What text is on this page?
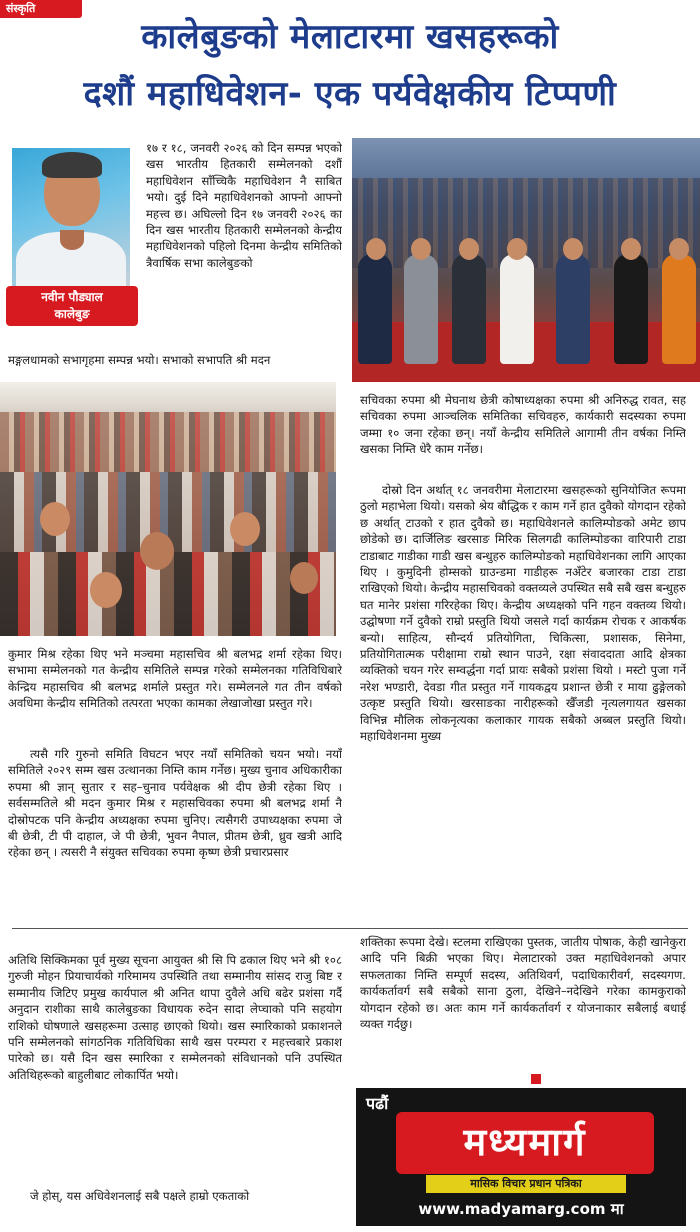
संस्कृति
कालेबुङको मेलाटारमा खसहरूको
दशौं महाधिवेशन- एक पर्यवेक्षकीय टिप्पणी
नवीन पौड्याल
कालेबुङ

१७ र १८, जनवरी २०२६ को दिन सम्पन्न भएको खस भारतीय हितकारी सम्मेलनको दशौं महाधिवेशन साँच्चिकै महाधिवेशन नै साबित भयो। दुई दिने महाधिवेशनको आफ्नो आफ्नो महत्त्व छ। अघिल्लो दिन १७ जनवरी २०२६ का दिन खस भारतीय हितकारी सम्मेलनको केन्द्रीय महाधिवेशनको पहिलो दिनमा केन्द्रीय समितिको त्रैवार्षिक सभा कालेबुङको

मङ्गलधामको सभागृहमा सम्पन्न भयो। सभाको सभापति श्री मदन

कुमार मिश्र रहेका थिए भने मञ्चमा महासचिव श्री बलभद्र शर्मा रहेका थिए। सभामा सम्मेलनको गत केन्द्रीय समितिले सम्पन्न गरेको सम्मेलनका गतिविधिबारे केन्द्रिय महासचिव श्री बलभद्र शर्माले प्रस्तुत गरे। सम्मेलनले गत तीन वर्षको अवधिमा केन्द्रीय समितिको तत्परता भएका कामका लेखाजोखा प्रस्तुत गरे।

त्यसै गरि गुरुनो समिति विघटन भएर नयाँ समितिको चयन भयो। नयाँ समितिले २०२९ सम्म खस उत्थानका निम्ति काम गर्नेछ। मुख्य चुनाव अधिकारीका रुपमा श्री ज्ञान् सुतार र सह–चुनाव पर्यवेक्षक श्री दीप छेत्री रहेका थिए । सर्वसम्मतिले श्री मदन कुमार मिश्र र महासचिवका रुपमा श्री बलभद्र शर्मा नै दोस्रोपटक पनि केन्द्रीय अध्यक्षका रुपमा चुनिए। त्यसैगरी उपाध्यक्षका रुपमा जे बी छेत्री, टी पी दाहाल, जे पी छेत्री, भुवन नैपाल, प्रीतम छेत्री, ध्रुव खत्री आदि रहेका छन् । त्यसरी नै संयुक्त सचिवका रुपमा कृष्ण छेत्री प्रचारप्रसार

सचिवका रुपमा श्री मेघनाथ छेत्री कोषाध्यक्षका रुपमा श्री अनिरुद्ध रावत, सह सचिवका रुपमा आञ्चलिक समितिका सचिवहरु, कार्यकारी सदस्यका रुपमा जम्मा १० जना रहेका छन्। नयाँ केन्द्रीय समितिले आगामी तीन वर्षका निम्ति खसका निम्ति धेरै काम गर्नेछ।

दोस्रो दिन अर्थात् १८ जनवरीमा मेलाटारमा खसहरूको सुनियोजित रूपमा ठुलो महाभेला थियो। यसको श्रेय बौद्धिक र काम गर्ने हात दुवैको योगदान रहेको छ अर्थात् टाउको र हात दुवैको छ। महाधिवेशनले कालिम्पोङको अमेट छाप छोडेको छ। दार्जिलिङ खरसाङ मिरिक सिलगढी कालिम्पोङका वारिपारी टाडा टाडाबाट गाडीका गाडी खस बन्धुहरु कालिम्पोङको महाधिवेशनका लागि आएका थिए । कुमुदिनी होम्सको ग्राउन्डमा गाडीहरू नअँटेर बजारका टाडा टाडा राखिएको थियो। केन्द्रीय महासचिवको वक्तव्यले उपस्थित सबै सबै खस बन्धुहरु घत मानेर प्रशंसा गरिरहेका थिए। केन्द्रीय अध्यक्षको पनि गहन वक्तव्य थियो। उद्घोषणा गर्ने दुवैको राम्रो प्रस्तुति थियो जसले गर्दा कार्यक्रम रोचक र आकर्षक बन्यो। साहित्य, सौन्दर्य प्रतियोगिता, चिकित्सा, प्रशासक, सिनेमा, प्रतियोगितात्मक परीक्षामा राम्रो स्थान पाउने, रक्षा संवाददाता आदि क्षेत्रका व्यक्तिको चयन गरेर सम्वर्द्धना गर्दा प्रायः सबैको प्रशंसा थियो । मस्टो पुजा गर्ने नरेश भण्डारी, देवडा गीत प्रस्तुत गर्ने गायकद्वय प्रशान्त छेत्री र माया ढुङ्गेलको उत्कृष्ट प्रस्तुति थियो। खरसाङका नारीहरूको खैँजडी नृत्यलगायत खसका विभिन्न मौलिक लोकनृत्यका कलाकार गायक सबैको अब्बल प्रस्तुति थियो। महाधिवेशनमा मुख्य

अतिथि सिक्किमका पूर्व मुख्य सूचना आयुक्त श्री सि पि ढकाल थिए भने श्री १०८ गुरुजी मोहन प्रियाचार्यको गरिमामय उपस्थिति तथा सम्मानीय सांसद राजु बिष्ट र सम्मानीय जिटिए प्रमुख कार्यपाल श्री अनित थापा दुवैले अधि बढेर प्रशंसा गर्दै अनुदान राशीका साथै कालेबुङका विधायक रुदेन सादा लेप्चाको पनि सहयोग राशिको घोषणाले खसहरूमा उत्साह छाएको थियो। खस स्मारिकाको प्रकाशनले पनि सम्मेलनको सांगठनिक गतिविधिका साथै खस परम्परा र महत्त्वबारे प्रकाश पारेको छ। यसै दिन खस स्मारिका र सम्मेलनको संविधानको पनि उपस्थित अतिथिहरूको बाहुलीबाट लोकार्पित भयो।

जे होस्, यस अधिवेशनलाई सबै पक्षले हाम्रो एकताको

शक्तिका रूपमा देखे। स्टलमा राखिएका पुस्तक, जातीय पोषाक, केही खानेकुरा आदि पनि बिक्री भएका थिए। मेलाटारको उक्त महाधिवेशनको अपार सफलताका निम्ति सम्पूर्ण सदस्य, अतिथिवर्ग, पदाधिकारीवर्ग, सदस्यगण. कार्यकर्तावर्ग सबै सबैको साना ठुला, देखिने–नदेखिने गरेका कामकुराको योगदान रहेको छ। अतः काम गर्ने कार्यकर्तावर्ग र योजनाकार सबैलाई बधाई व्यक्त गर्दछु।

पढौं
मध्यमार्ग
मासिक विचार प्रधान पत्रिका
www.madyamarg.com मा
